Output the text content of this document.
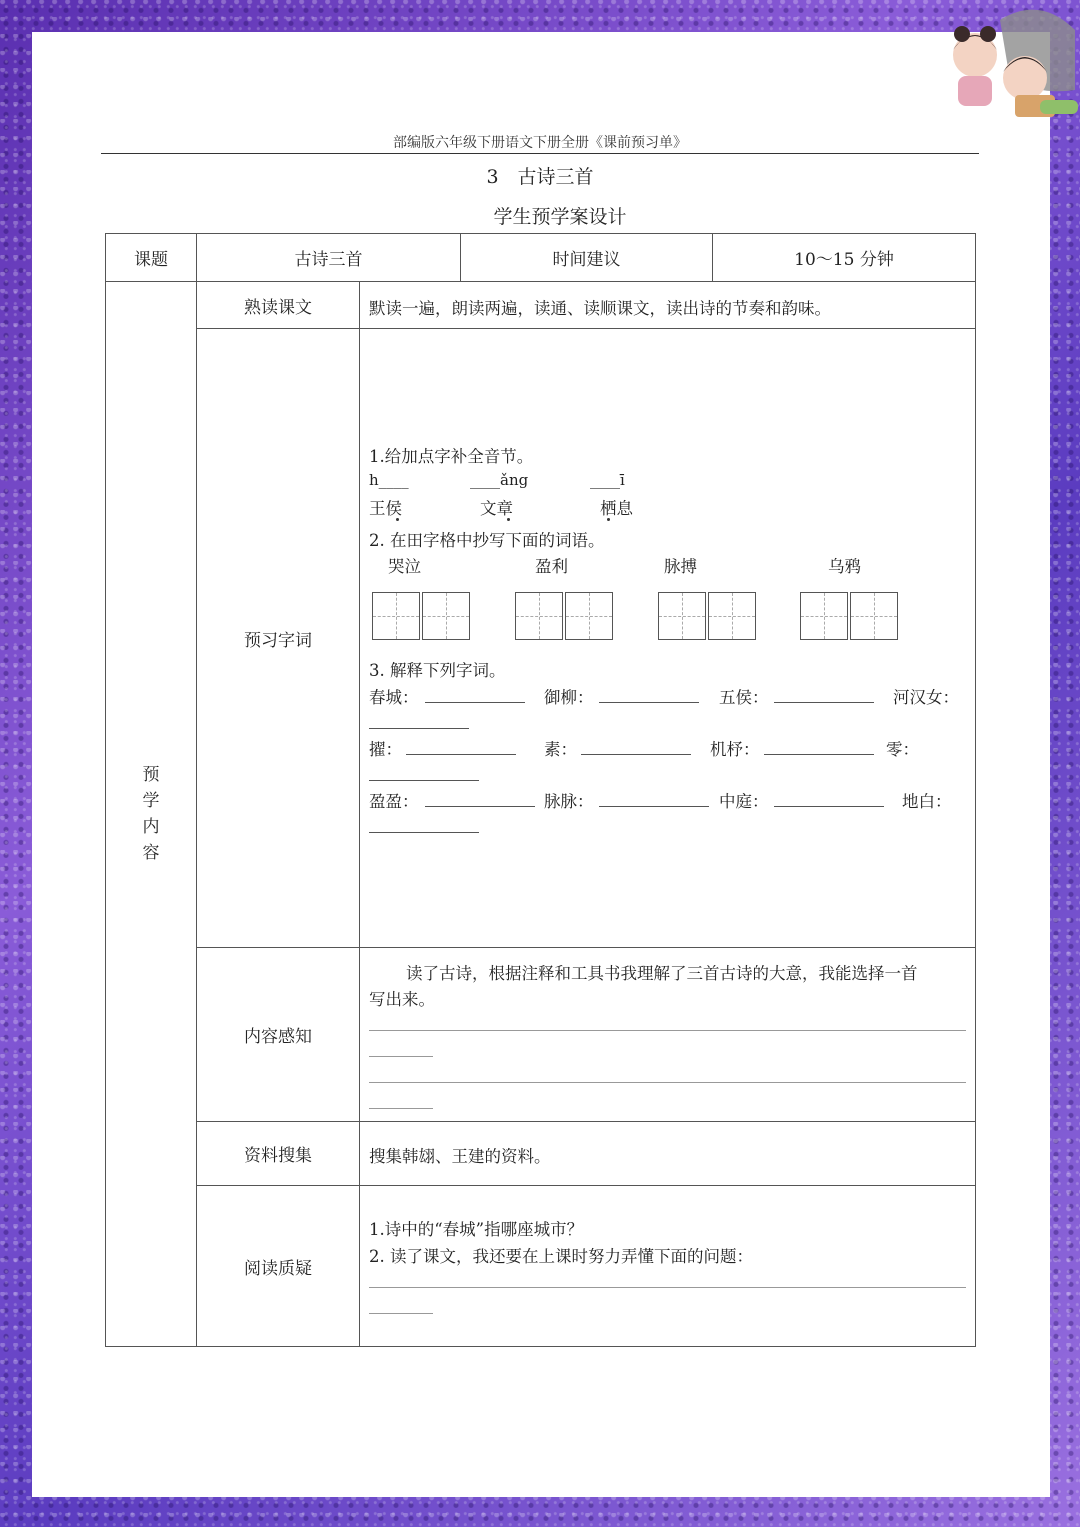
部编版六年级下册语文下册全册《课前预习单》
3　古诗三首
学生预学案设计
课题	古诗三首	时间建议	10～15 分钟
预
学
内
容
熟读课文	默读一遍，朗读两遍，读通、读顺课文，读出诗的节奏和韵味。
预习字词
1.给加点字补全音节。
h____	____ǎng	____ī
王侯	文章	栖息
2. 在田字格中抄写下面的词语。
哭泣	盈利	脉搏	乌鸦
3. 解释下列字词。
春城：	御柳：	五侯：	河汉女：
擢：	素：	机杼：	零：
盈盈：	脉脉：	中庭：	地白：
内容感知
读了古诗，根据注释和工具书我理解了三首古诗的大意，我能选择一首
写出来。
资料搜集	搜集韩翃、王建的资料。
阅读质疑
1.诗中的“春城”指哪座城市？
2. 读了课文，我还要在上课时努力弄懂下面的问题：
